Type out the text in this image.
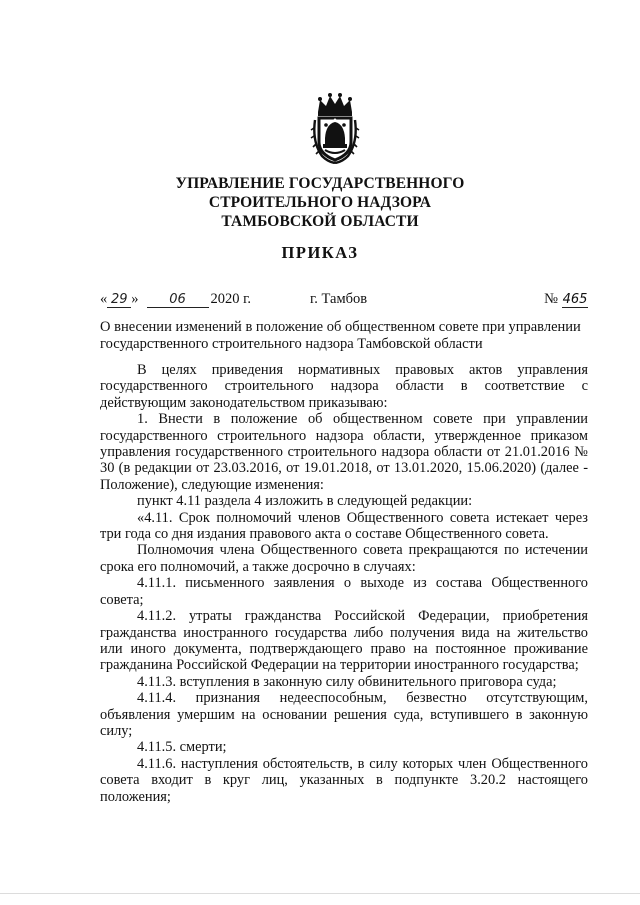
УПРАВЛЕНИЕ ГОСУДАРСТВЕННОГО
СТРОИТЕЛЬНОГО НАДЗОРА
ТАМБОВСКОЙ ОБЛАСТИ
ПРИКАЗ
« 29 » 06 2020 г.	г. Тамбов	№ 465
О внесении изменений в положение об общественном совете при управлении государственного строительного надзора Тамбовской области

В целях приведения нормативных правовых актов управления государственного строительного надзора области в соответствие с действующим законодательством приказываю:

1. Внести в положение об общественном совете при управлении государственного строительного надзора области, утвержденное приказом управления государственного строительного надзора области от 21.01.2016 № 30 (в редакции от 23.03.2016, от 19.01.2018, от 13.01.2020, 15.06.2020) (далее - Положение), следующие изменения:

пункт 4.11 раздела 4 изложить в следующей редакции:

«4.11. Срок полномочий членов Общественного совета истекает через три года со дня издания правового акта о составе Общественного совета.

Полномочия члена Общественного совета прекращаются по истечении срока его полномочий, а также досрочно в случаях:

4.11.1. письменного заявления о выходе из состава Общественного совета;

4.11.2. утраты гражданства Российской Федерации, приобретения гражданства иностранного государства либо получения вида на жительство или иного документа, подтверждающего право на постоянное проживание гражданина Российской Федерации на территории иностранного государства;

4.11.3. вступления в законную силу обвинительного приговора суда;

4.11.4. признания недееспособным, безвестно отсутствующим, объявления умершим на основании решения суда, вступившего в законную силу;

4.11.5. смерти;

4.11.6. наступления обстоятельств, в силу которых член Общественного совета входит в круг лиц, указанных в подпункте 3.20.2 настоящего положения;
